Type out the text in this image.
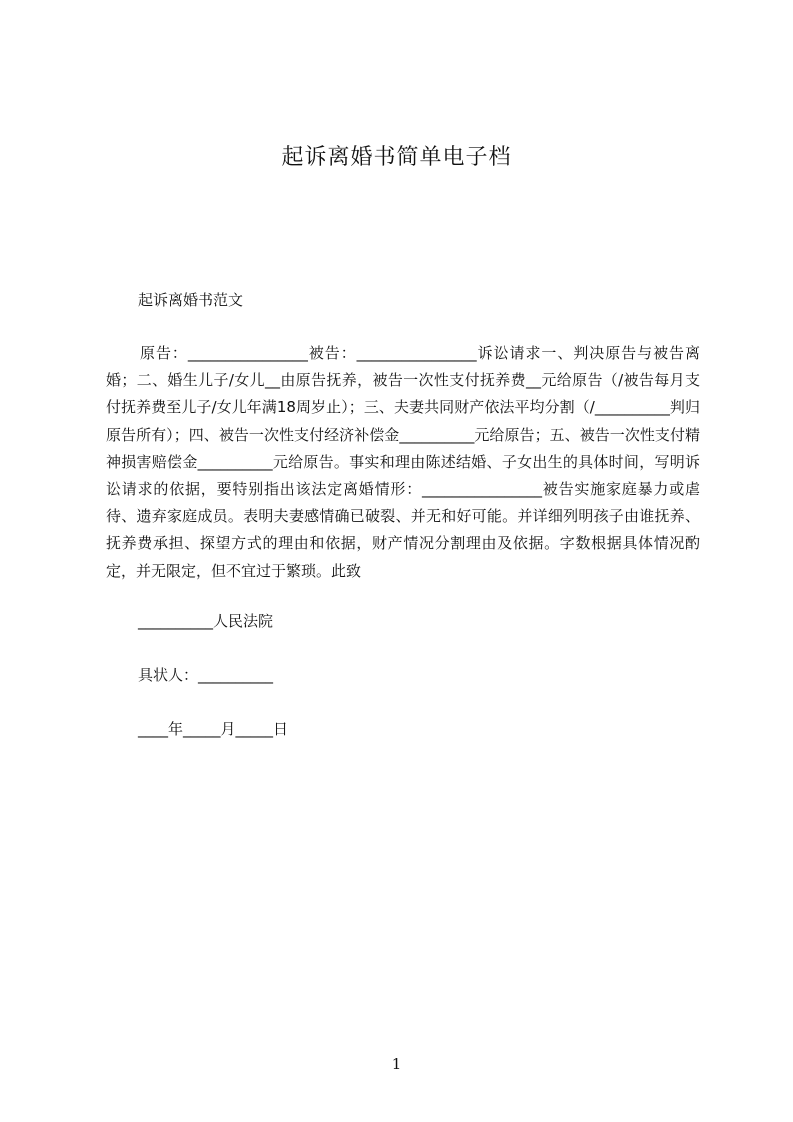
起诉离婚书简单电子档
起诉离婚书范文
原告：________________被告：________________诉讼请求一、判决原告与被告离婚；二、婚生儿子/女儿__由原告抚养，被告一次性支付抚养费__元给原告（/被告每月支付抚养费至儿子/女儿年满18周岁止）；三、夫妻共同财产依法平均分割（/__________判归原告所有）；四、被告一次性支付经济补偿金__________元给原告；五、被告一次性支付精神损害赔偿金__________元给原告。事实和理由陈述结婚、子女出生的具体时间，写明诉讼请求的依据，要特别指出该法定离婚情形：________________被告实施家庭暴力或虐待、遗弃家庭成员。表明夫妻感情确已破裂、并无和好可能。并详细列明孩子由谁抚养、抚养费承担、探望方式的理由和依据，财产情况分割理由及依据。字数根据具体情况酌定，并无限定，但不宜过于繁琐。此致
__________人民法院
具状人：__________
____年_____月_____日
1
